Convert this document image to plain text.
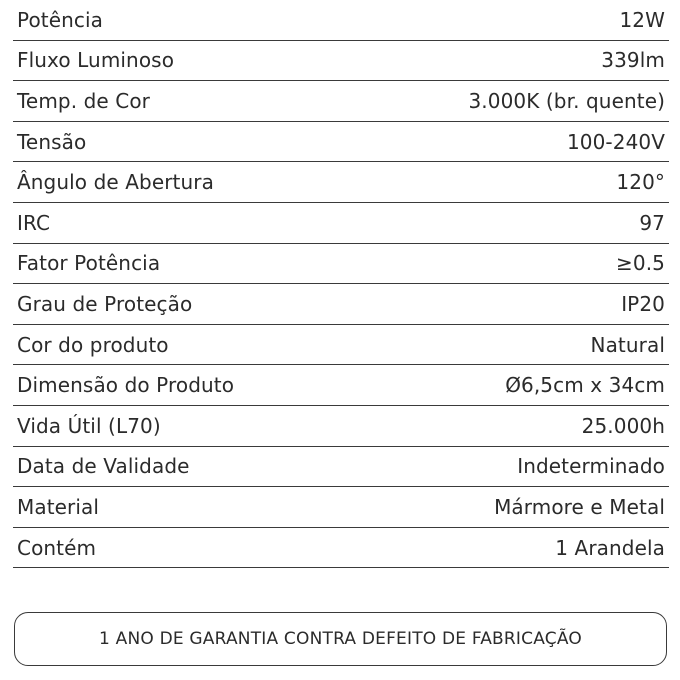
Potência	12W
Fluxo Luminoso	339lm
Temp. de Cor	3.000K (br. quente)
Tensão	100-240V
Ângulo de Abertura	120°
IRC	97
Fator Potência	≥0.5
Grau de Proteção	IP20
Cor do produto	Natural
Dimensão do Produto	Ø6,5cm x 34cm
Vida Útil (L70)	25.000h
Data de Validade	Indeterminado
Material	Mármore e Metal
Contém	1 Arandela
1 ANO DE GARANTIA CONTRA DEFEITO DE FABRICAÇÃO
